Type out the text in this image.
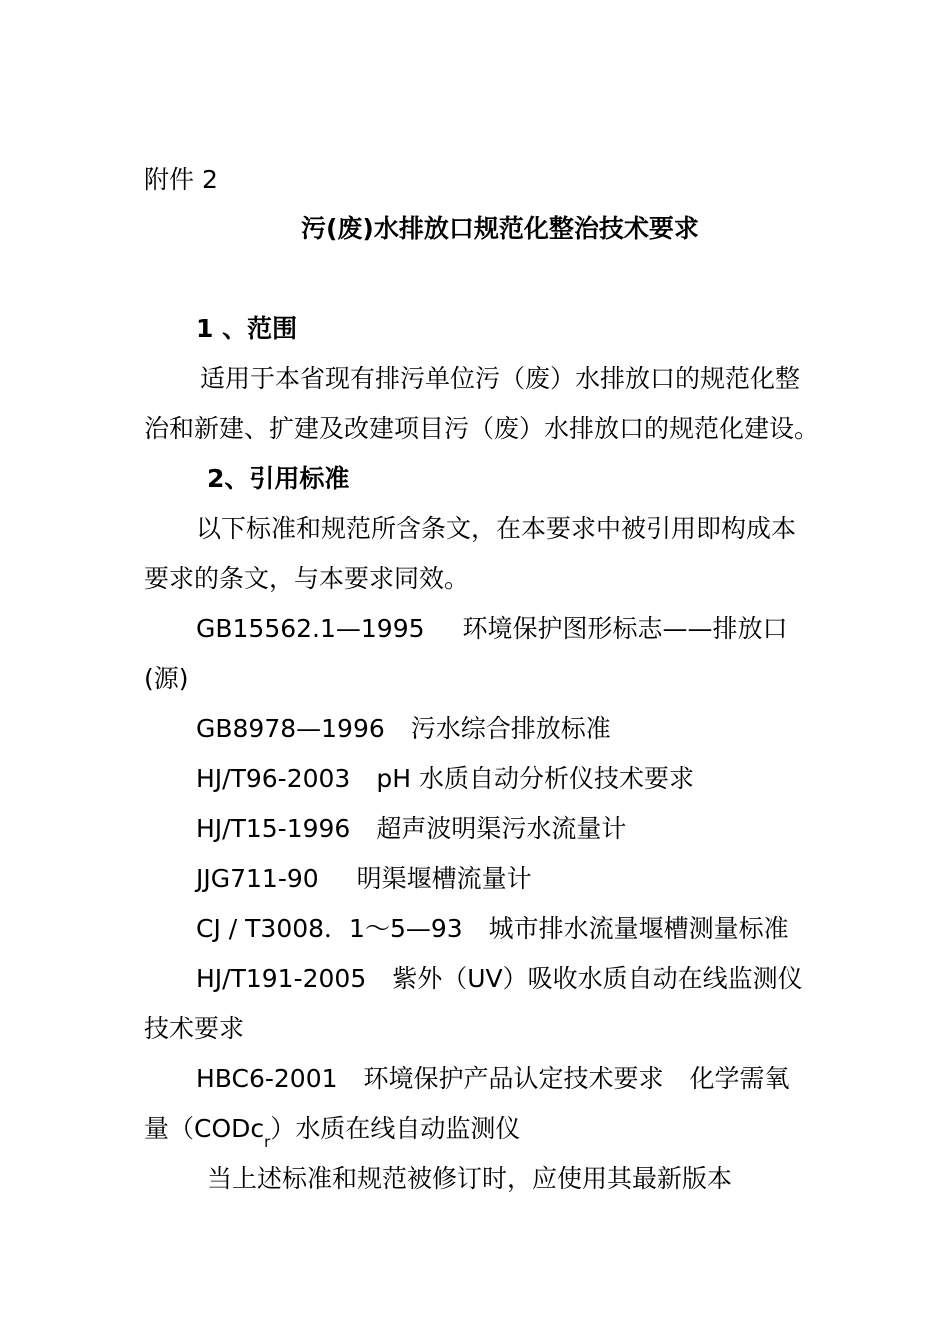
附件 2

污(废)水排放口规范化整治技术要求

1 、范围

适用于本省现有排污单位污（废）水排放口的规范化整

治和新建、扩建及改建项目污（废）水排放口的规范化建设。

2、引用标准

以下标准和规范所含条文，在本要求中被引用即构成本

要求的条文，与本要求同效。

GB15562.1—1995 环境保护图形标志——排放口

(源)

GB8978—1996 污水综合排放标准

HJ/T96-2003 pH 水质自动分析仪技术要求

HJ/T15-1996 超声波明渠污水流量计

JJG711-90 明渠堰槽流量计

CJ / T3008．1～5—93 城市排水流量堰槽测量标准

HJ/T191-2005 紫外（UV）吸收水质自动在线监测仪

技术要求

HBC6-2001 环境保护产品认定技术要求 化学需氧

量（CODc$_r$）水质在线自动监测仪

当上述标准和规范被修订时，应使用其最新版本
